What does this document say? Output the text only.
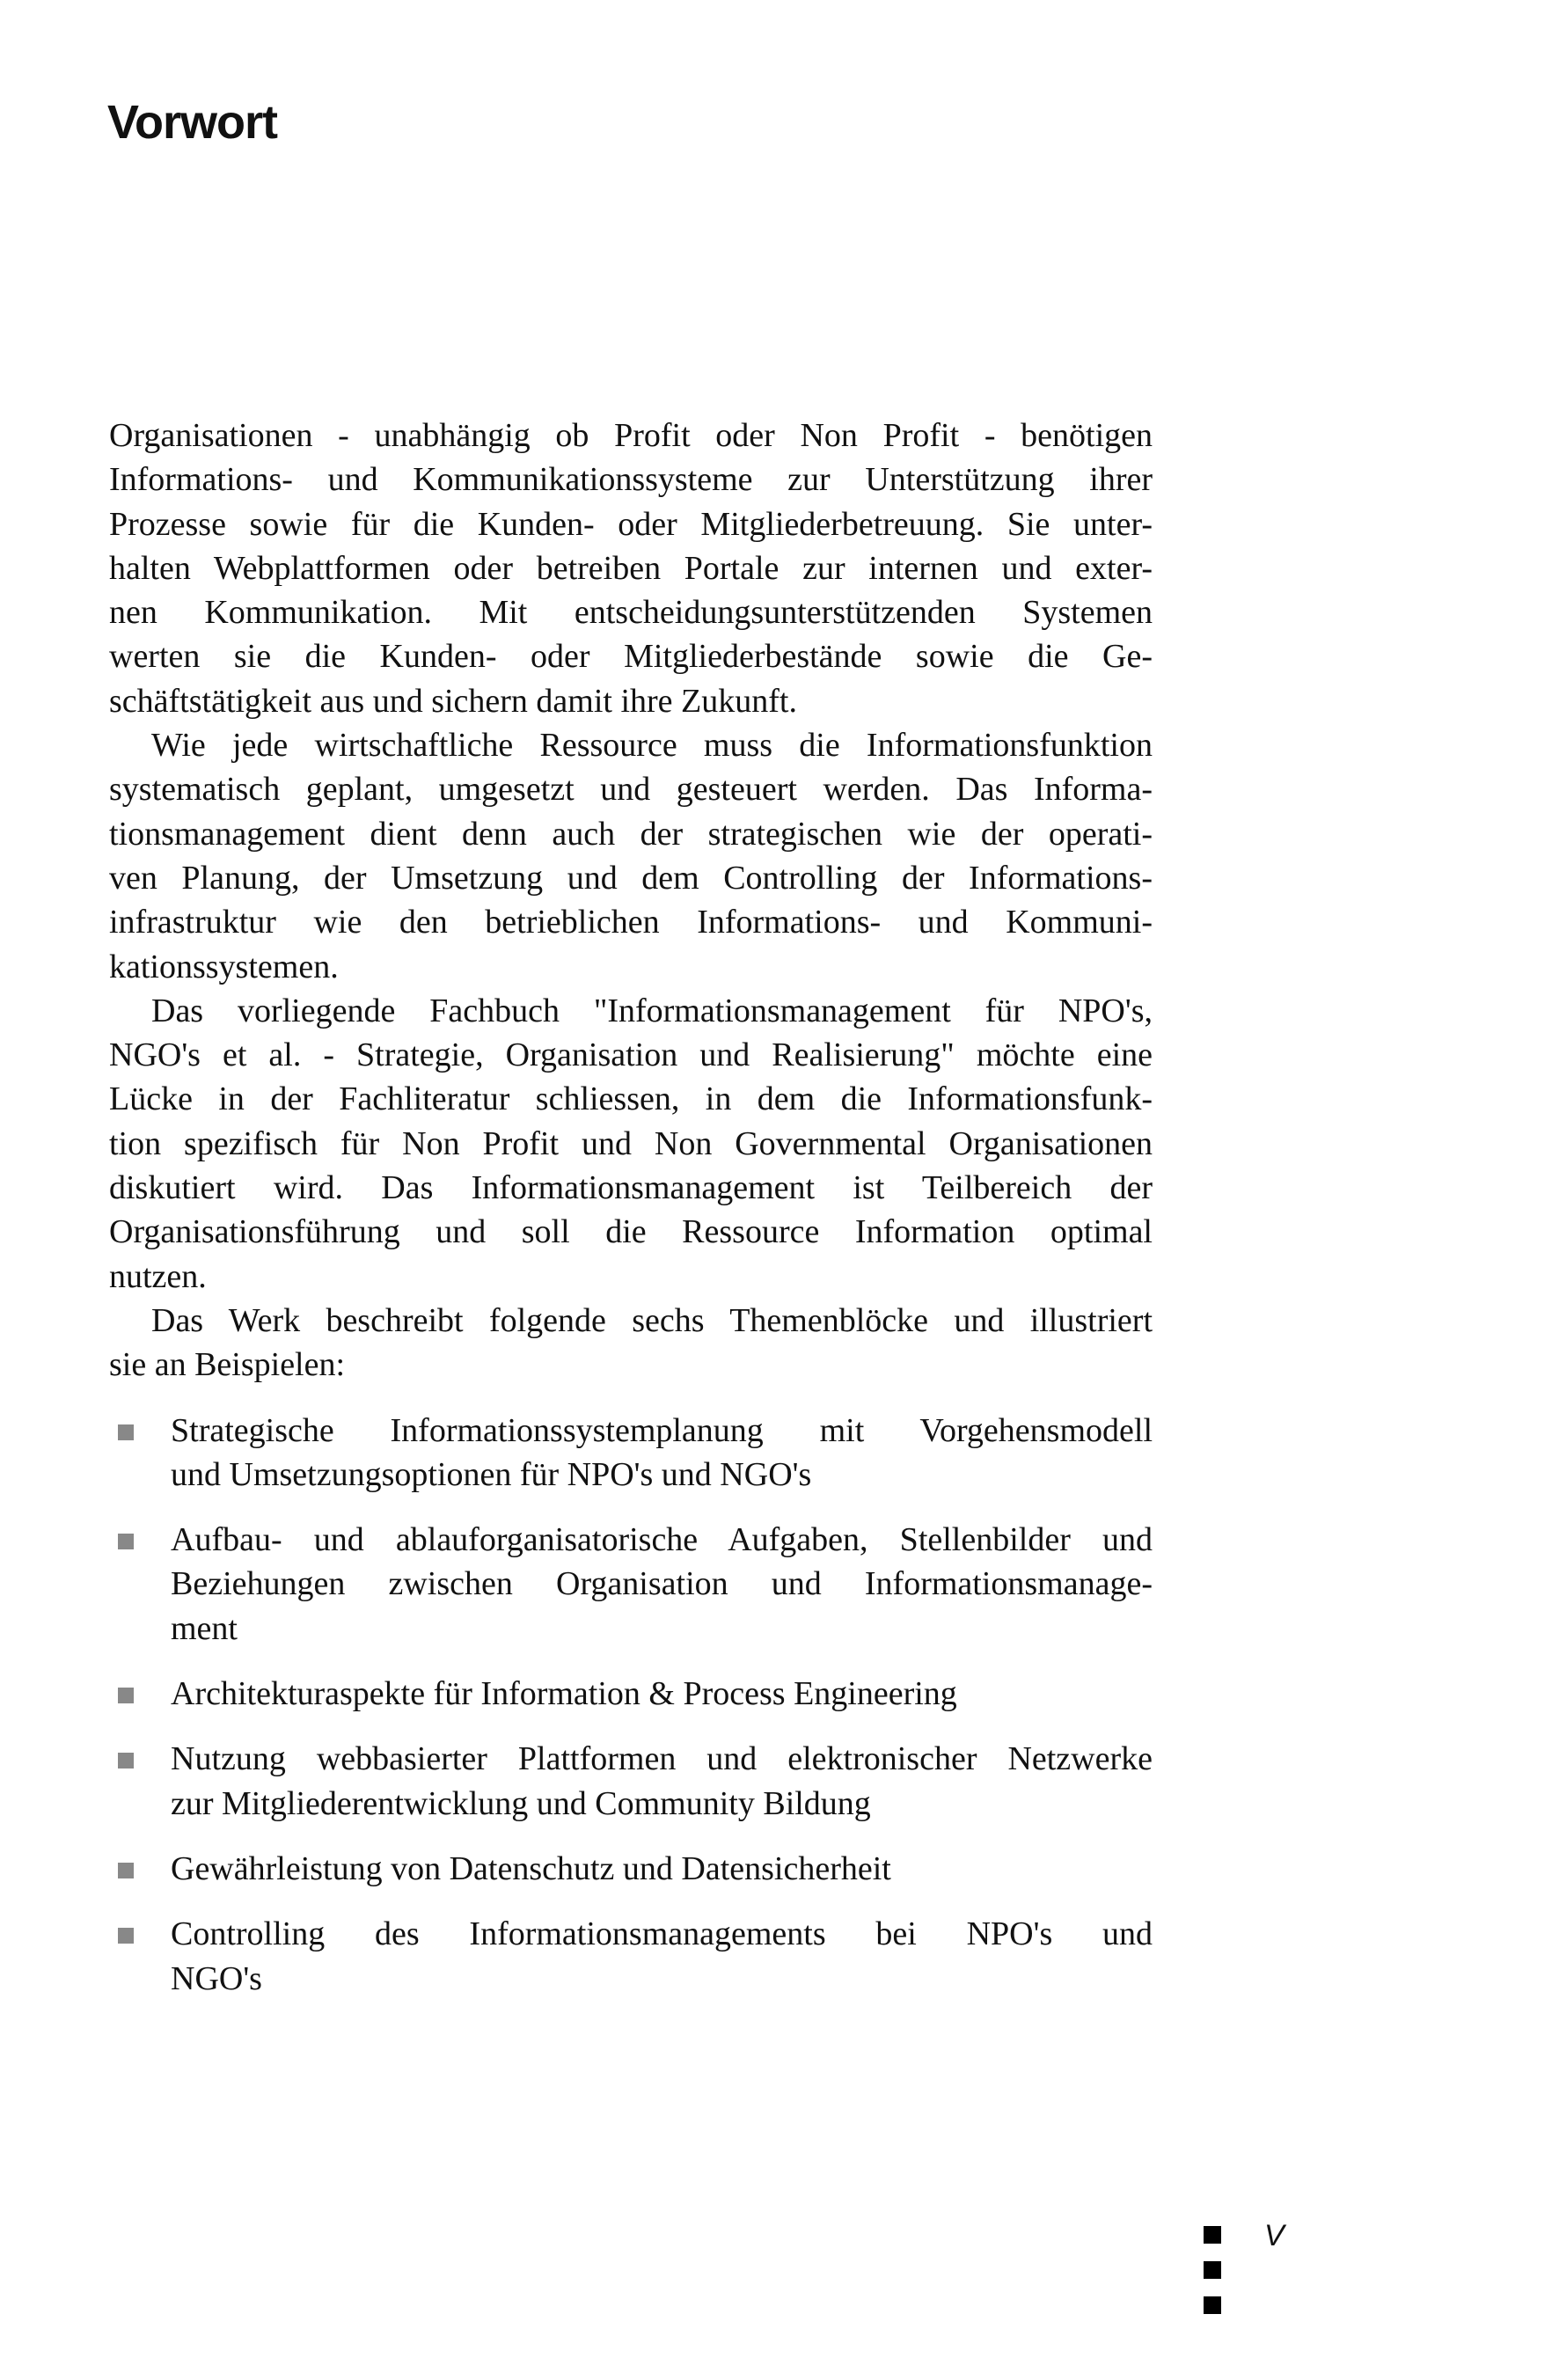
Vorwort

Organisationen - unabhängig ob Profit oder Non Profit - benötigen
Informations- und Kommunikationssysteme zur Unterstützung ihrer
Prozesse sowie für die Kunden- oder Mitgliederbetreuung. Sie unter-
halten Webplattformen oder betreiben Portale zur internen und exter-
nen Kommunikation. Mit entscheidungsunterstützenden Systemen
werten sie die Kunden- oder Mitgliederbestände sowie die Ge-
schäftstätigkeit aus und sichern damit ihre Zukunft.

Wie jede wirtschaftliche Ressource muss die Informationsfunktion
systematisch geplant, umgesetzt und gesteuert werden. Das Informa-
tionsmanagement dient denn auch der strategischen wie der operati-
ven Planung, der Umsetzung und dem Controlling der Informations-
infrastruktur wie den betrieblichen Informations- und Kommuni-
kationssystemen.

Das vorliegende Fachbuch "Informationsmanagement für NPO's,
NGO's et al. - Strategie, Organisation und Realisierung" möchte eine
Lücke in der Fachliteratur schliessen, in dem die Informationsfunk-
tion spezifisch für Non Profit und Non Governmental Organisationen
diskutiert wird. Das Informationsmanagement ist Teilbereich der
Organisationsführung und soll die Ressource Information optimal
nutzen.

Das Werk beschreibt folgende sechs Themenblöcke und illustriert
sie an Beispielen:

Strategische Informationssystemplanung mit Vorgehensmodell
und Umsetzungsoptionen für NPO's und NGO's
Aufbau- und ablauforganisatorische Aufgaben, Stellenbilder und
Beziehungen zwischen Organisation und Informationsmanage-
ment
Architekturaspekte für Information & Process Engineering
Nutzung webbasierter Plattformen und elektronischer Netzwerke
zur Mitgliederentwicklung und Community Bildung
Gewährleistung von Datenschutz und Datensicherheit
Controlling des Informationsmanagements bei NPO's und
NGO's
V
